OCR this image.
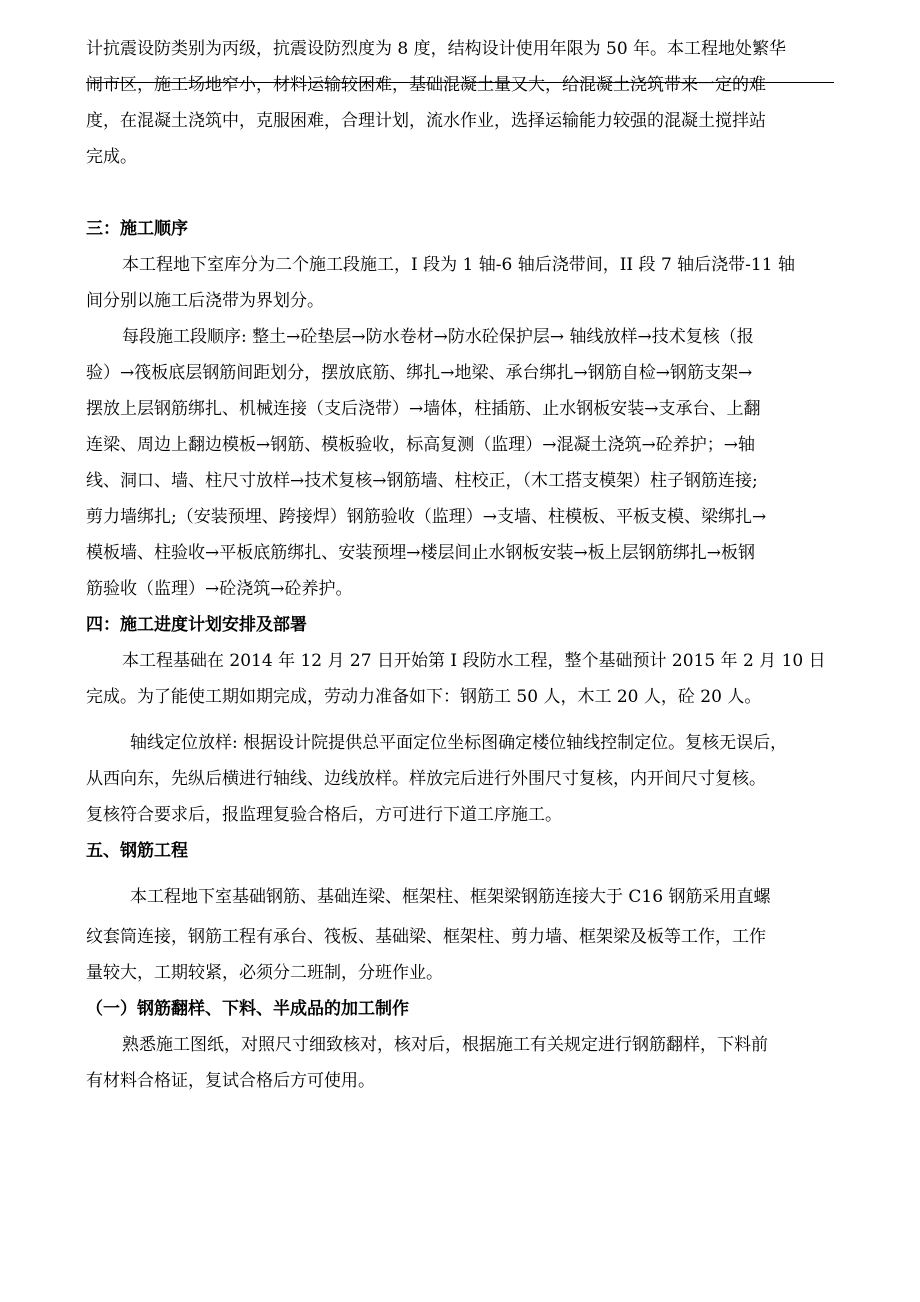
计抗震设防类别为丙级，抗震设防烈度为 8 度，结构设计使用年限为 50 年。本工程地处繁华
闹市区，施工场地窄小，材料运输较困难，基础混凝土量又大，给混凝土浇筑带来一定的难
度，在混凝土浇筑中，克服困难，合理计划，流水作业，选择运输能力较强的混凝土搅拌站
完成。
三：施工顺序
本工程地下室库分为二个施工段施工，I 段为 1 轴-6 轴后浇带间，II 段 7 轴后浇带-11 轴
间分别以施工后浇带为界划分。
每段施工段顺序: 整土→砼垫层→防水卷材→防水砼保护层→ 轴线放样→技术复核（报
验）→筏板底层钢筋间距划分，摆放底筋、绑扎→地梁、承台绑扎→钢筋自检→钢筋支架→
摆放上层钢筋绑扎、机械连接（支后浇带）→墙体，柱插筋、止水钢板安装→支承台、上翻
连梁、周边上翻边模板→钢筋、模板验收，标高复测（监理）→混凝土浇筑→砼养护；→轴
线、洞口、墙、柱尺寸放样→技术复核→钢筋墙、柱校正，（木工搭支模架）柱子钢筋连接;
剪力墙绑扎;（安装预埋、跨接焊）钢筋验收（监理）→支墙、柱模板、平板支模、梁绑扎→
模板墙、柱验收→平板底筋绑扎、安装预埋→楼层间止水钢板安装→板上层钢筋绑扎→板钢
筋验收（监理）→砼浇筑→砼养护。
四：施工进度计划安排及部署
本工程基础在 2014 年 12 月 27 日开始第 I 段防水工程，整个基础预计 2015 年 2 月 10 日
完成。为了能使工期如期完成，劳动力准备如下：钢筋工 50 人，木工 20 人，砼 20 人。
轴线定位放样: 根据设计院提供总平面定位坐标图确定楼位轴线控制定位。复核无误后，
从西向东，先纵后横进行轴线、边线放样。样放完后进行外围尺寸复核，内开间尺寸复核。
复核符合要求后，报监理复验合格后，方可进行下道工序施工。
五、钢筋工程
本工程地下室基础钢筋、基础连梁、框架柱、框架梁钢筋连接大于 C16 钢筋采用直螺
纹套筒连接，钢筋工程有承台、筏板、基础梁、框架柱、剪力墙、框架梁及板等工作，工作
量较大，工期较紧，必须分二班制，分班作业。
（一）钢筋翻样、下料、半成品的加工制作
熟悉施工图纸，对照尺寸细致核对，核对后，根据施工有关规定进行钢筋翻样，下料前
有材料合格证，复试合格后方可使用。
